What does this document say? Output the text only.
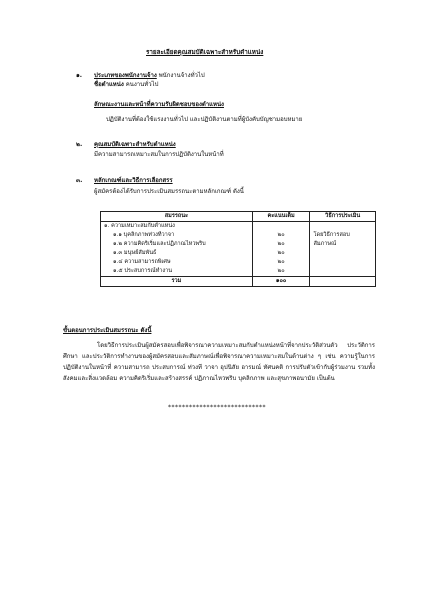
รายละเอียดคุณสมบัติเฉพาะสำหรับตำแหน่ง
๑. ประเภทของพนักงานจ้าง พนักงานจ้างทั่วไป
ชื่อตำแหน่ง คนงานทั่วไป
ลักษณะงานและหน้าที่ความรับผิดชอบของตำแหน่ง
ปฏิบัติงานที่ต้องใช้แรงงานทั่วไป และปฏิบัติงานตามที่ผู้บังคับบัญชามอบหมาย
๒. คุณสมบัติเฉพาะสำหรับตำแหน่ง
มีความสามารถเหมาะสมในการปฏิบัติงานในหน้าที่
๓. หลักเกณฑ์และวิธีการเลือกสรร
ผู้สมัครต้องได้รับการประเมินสมรรถนะตามหลักเกณฑ์ ดังนี้
สมรรถนะ	คะแนนเต็ม	วิธีการประเมิน
๑. ความเหมาะสมกับตำแหน่ง		
๑.๑ บุคลิกภาพท่วงทีวาจา	๒๐	โดยวิธีการสอบ
๑.๒ ความคิดริเริ่มและปฏิภาณไหวพริบ	๒๐	สัมภาษณ์
๑.๓ มนุษย์สัมพันธ์	๒๐	
๑.๔ ความสามารถพิเศษ	๒๐	
๑.๕ ประสบการณ์ทำงาน	๒๐	
รวม	๑๐๐	
ขั้นตอนการประเมินสมรรถนะ ดังนี้
โดยวิธีการประเมินผู้สมัครสอบเพื่อพิจารณาความเหมาะสมกับตำแหน่งหน้าที่จากประวัติส่วนตัว ประวัติการศึกษา และประวัติการทำงานของผู้สมัครสอบและสัมภาษณ์เพื่อพิจารณาความเหมาะสมในด้านต่าง ๆ เช่น ความรู้ในการปฏิบัติงานในหน้าที่ ความสามารถ ประสบการณ์ ท่วงที วาจา อุปนิสัย อารมณ์ ทัศนคติ การปรับตัวเข้ากับผู้ร่วมงาน รวมทั้งสังคมและสิ่งแวดล้อม ความคิดริเริ่มและสร้างสรรค์ ปฏิภาณไหวพริบ บุคลิกภาพ และสุขภาพอนามัย เป็นต้น
****************************
